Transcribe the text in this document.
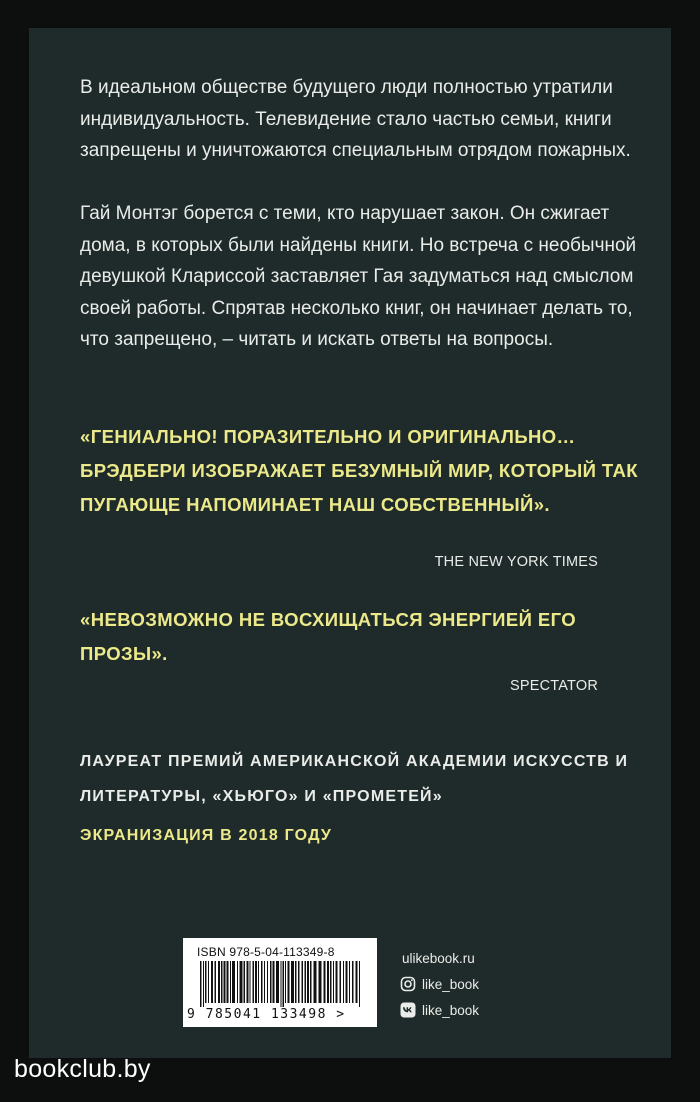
В идеальном обществе будущего люди полностью утратили индивидуальность. Телевидение стало частью семьи, книги запрещены и уничтожаются специальным отрядом пожарных.

Гай Монтэг борется с теми, кто нарушает закон. Он сжигает дома, в которых были найдены книги. Но встреча с необычной девушкой Клариссой заставляет Гая задуматься над смыслом своей работы. Спрятав несколько книг, он начинает делать то, что запрещено, – читать и искать ответы на вопросы.

«ГЕНИАЛЬНО! ПОРАЗИТЕЛЬНО И ОРИГИНАЛЬНО… БРЭДБЕРИ ИЗОБРАЖАЕТ БЕЗУМНЫЙ МИР, КОТОРЫЙ ТАК ПУГАЮЩЕ НАПОМИНАЕТ НАШ СОБСТВЕННЫЙ».

THE NEW YORK TIMES

«НЕВОЗМОЖНО НЕ ВОСХИЩАТЬСЯ ЭНЕРГИЕЙ ЕГО ПРОЗЫ».

SPECTATOR

ЛАУРЕАТ ПРЕМИЙ АМЕРИКАНСКОЙ АКАДЕМИИ ИСКУССТВ И ЛИТЕРАТУРЫ, «ХЬЮГО» И «ПРОМЕТЕЙ»

ЭКРАНИЗАЦИЯ В 2018 ГОДУ
ISBN 978-5-04-113349-8
9 785041 133498 >
ulikebook.ru
like_book
like_book
bookclub.by
